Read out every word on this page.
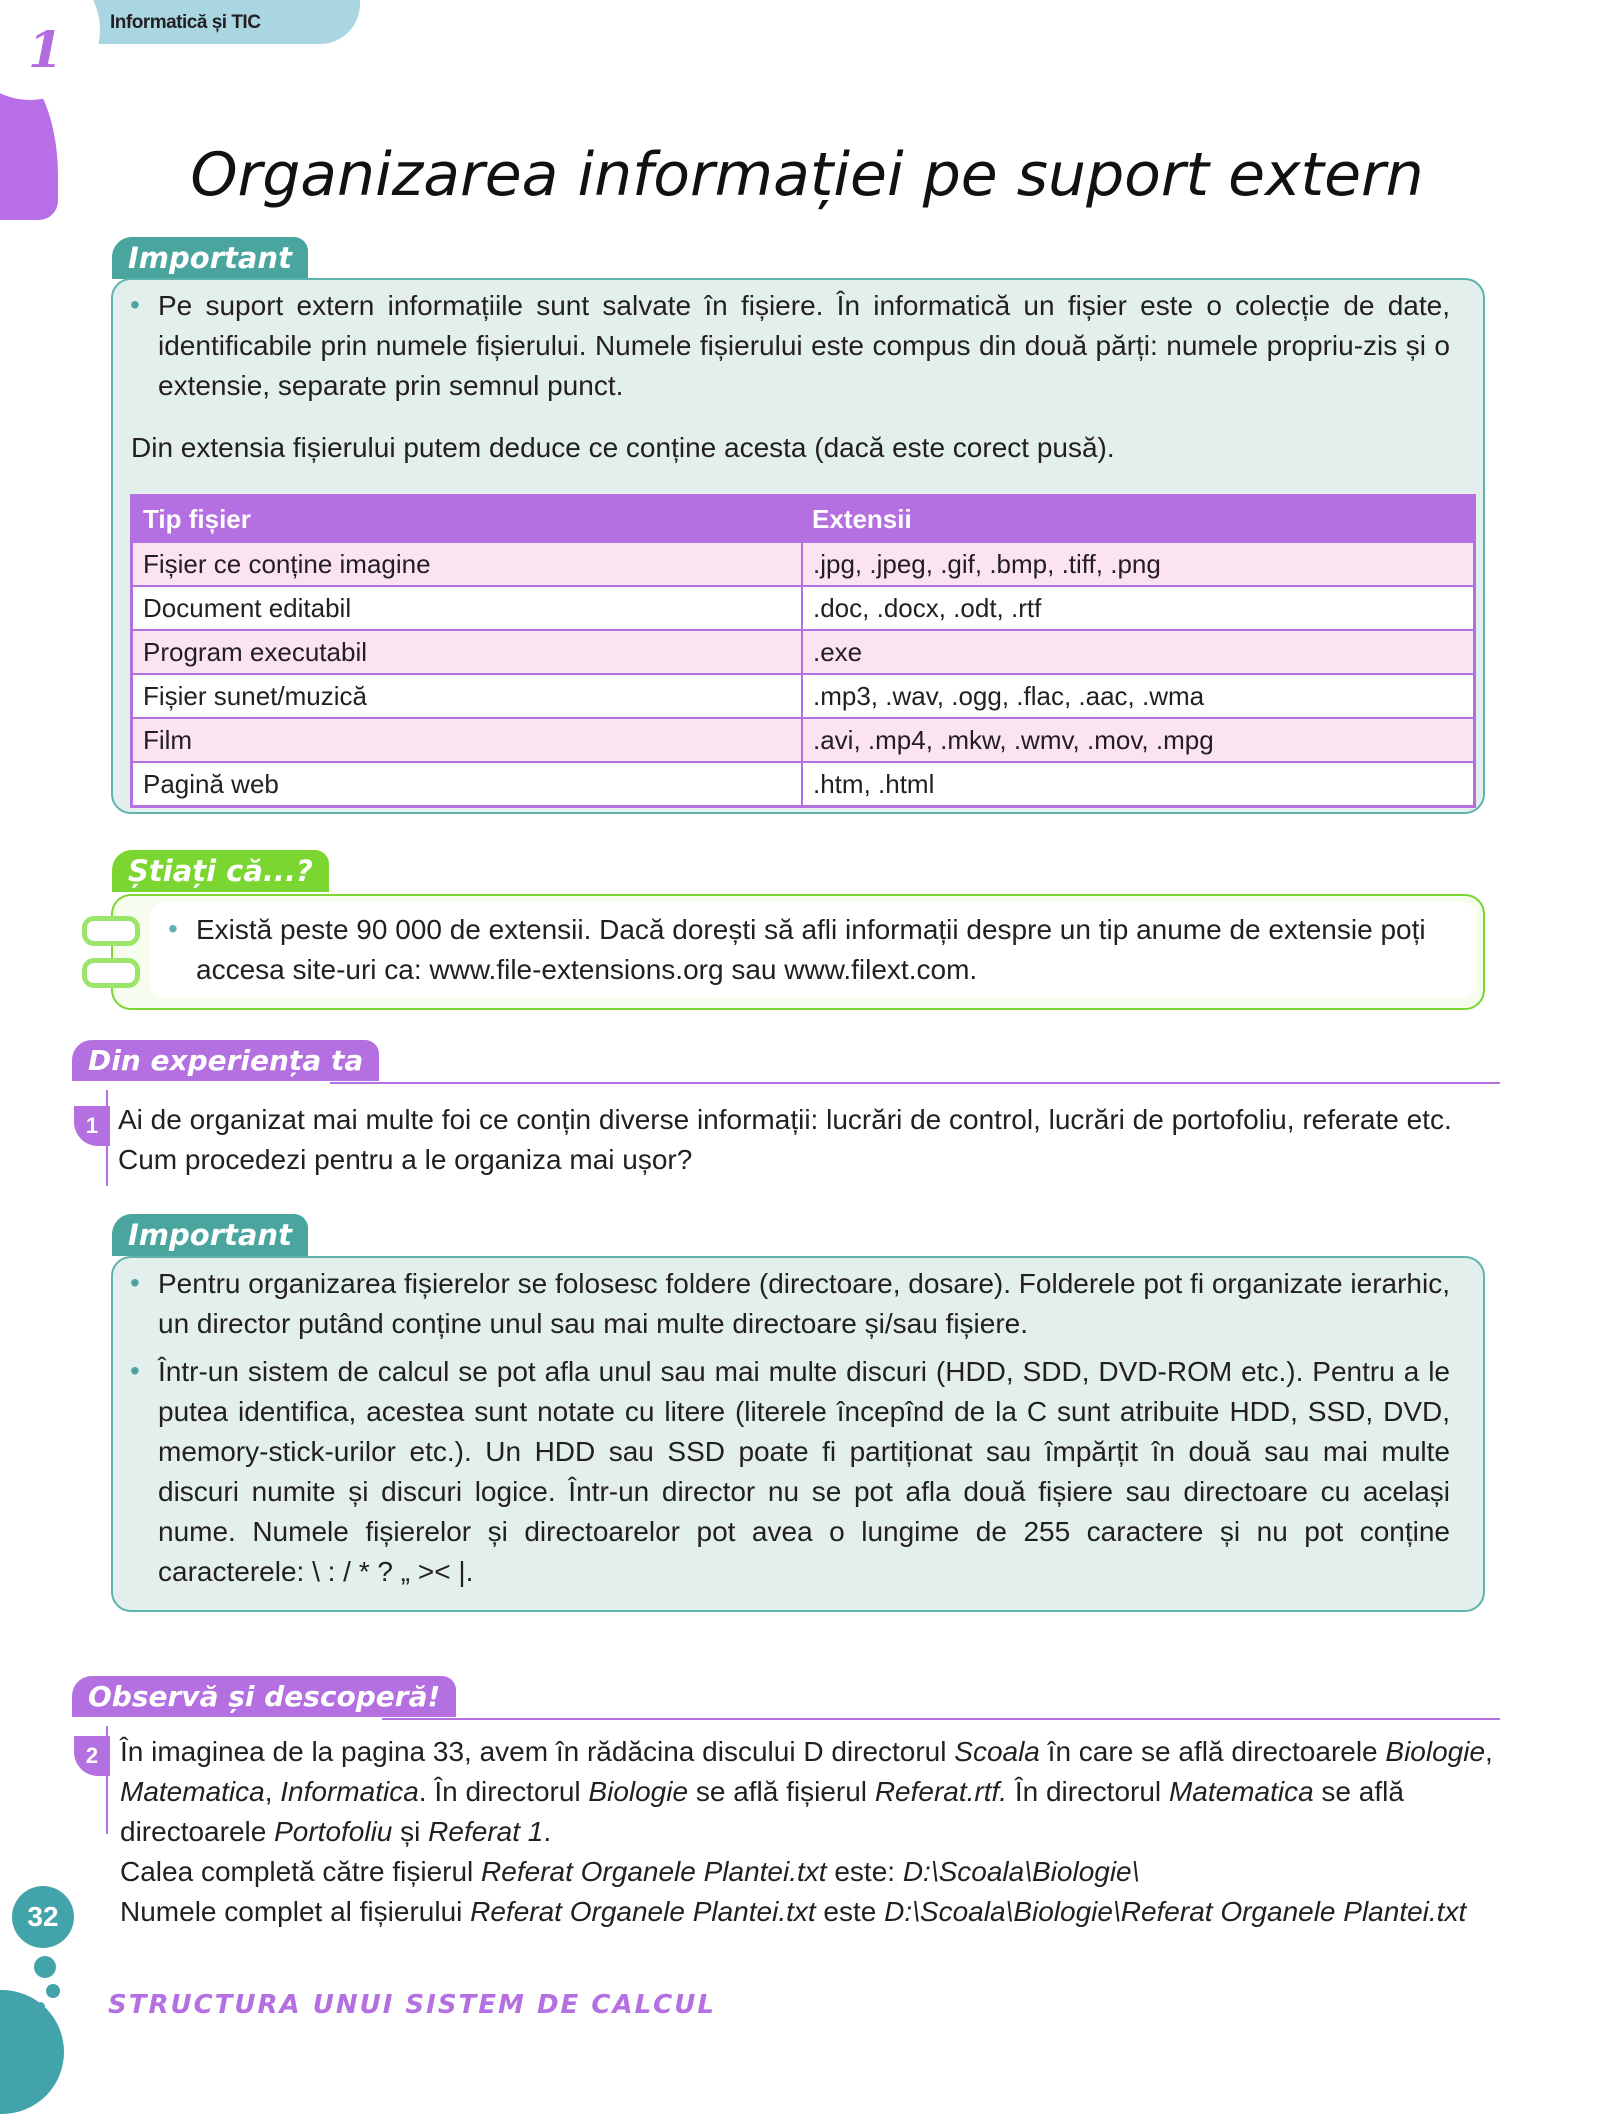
1 Informatică și TIC
Organizarea informației pe suport extern
Important
• Pe suport extern informațiile sunt salvate în fișiere. În informatică un fișier este o colecție de date, identificabile prin numele fișierului. Numele fișierului este compus din două părți: numele propriu-zis și o extensie, separate prin semnul punct.
Din extensia fișierului putem deduce ce conține acesta (dacă este corect pusă).
Tip fișier	Extensii
Fișier ce conține imagine	.jpg, .jpeg, .gif, .bmp, .tiff, .png
Document editabil	.doc, .docx, .odt, .rtf
Program executabil	.exe
Fișier sunet/muzică	.mp3, .wav, .ogg, .flac, .aac, .wma
Film	.avi, .mp4, .mkw, .wmv, .mov, .mpg
Pagină web	.htm, .html
Știați că...?
• Există peste 90 000 de extensii. Dacă dorești să afli informații despre un tip anume de extensie poți accesa site-uri ca: www.file-extensions.org sau www.filext.com.
Din experiența ta
1 Ai de organizat mai multe foi ce conțin diverse informații: lucrări de control, lucrări de portofoliu, referate etc. Cum procedezi pentru a le organiza mai ușor?
Important
• Pentru organizarea fișierelor se folosesc foldere (directoare, dosare). Folderele pot fi organizate ierarhic, un director putând conține unul sau mai multe directoare și/sau fișiere.
• Într-un sistem de calcul se pot afla unul sau mai multe discuri (HDD, SDD, DVD-ROM etc.). Pentru a le putea identifica, acestea sunt notate cu litere (literele începînd de la C sunt atribuite HDD, SSD, DVD, memory-stick-urilor etc.). Un HDD sau SSD poate fi partiționat sau împărțit în două sau mai multe discuri numite și discuri logice. Într-un director nu se pot afla două fișiere sau directoare cu același nume. Numele fișierelor și directoarelor pot avea o lungime de 255 caractere și nu pot conține caracterele: \ : / * ? „ >< |.
Observă și descoperă!
2 În imaginea de la pagina 33, avem în rădăcina discului D directorul Scoala în care se află directoarele Biologie,
Matematica, Informatica. În directorul Biologie se află fișierul Referat.rtf. În directorul Matematica se află
directoarele Portofoliu și Referat 1.
Calea completă către fișierul Referat Organele Plantei.txt este: D:\Scoala\Biologie\
Numele complet al fișierului Referat Organele Plantei.txt este D:\Scoala\Biologie\Referat Organele Plantei.txt
32
STRUCTURA UNUI SISTEM DE CALCUL
